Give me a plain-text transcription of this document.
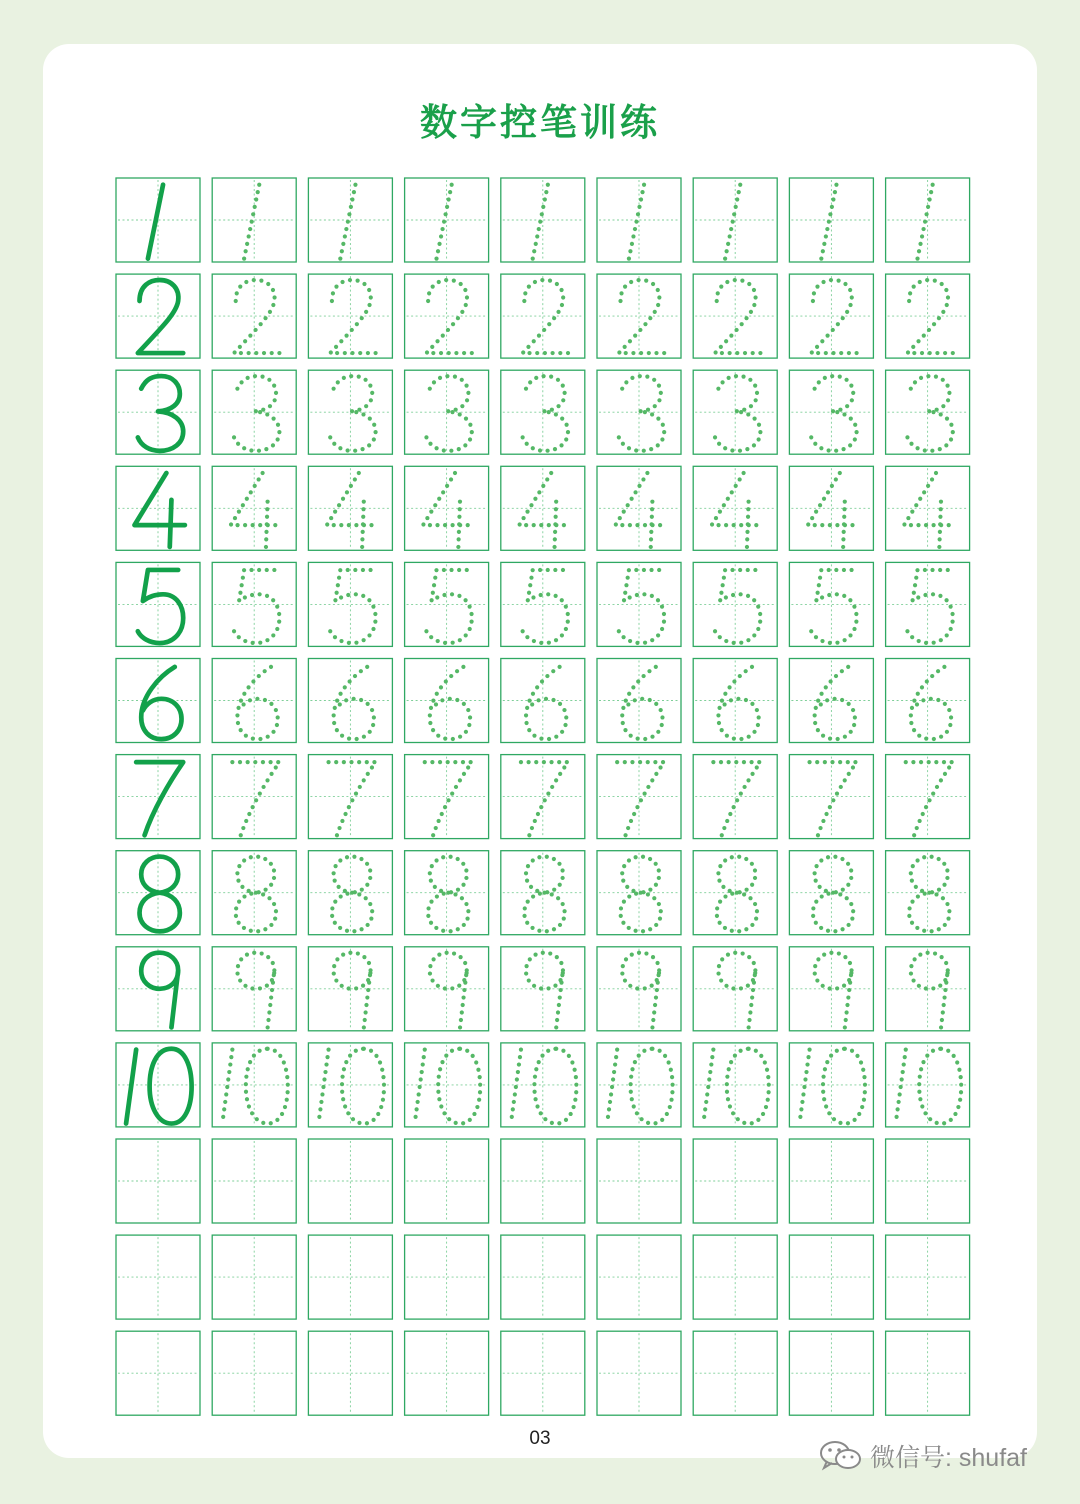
数字控笔训练
03
微信号: shufaf
